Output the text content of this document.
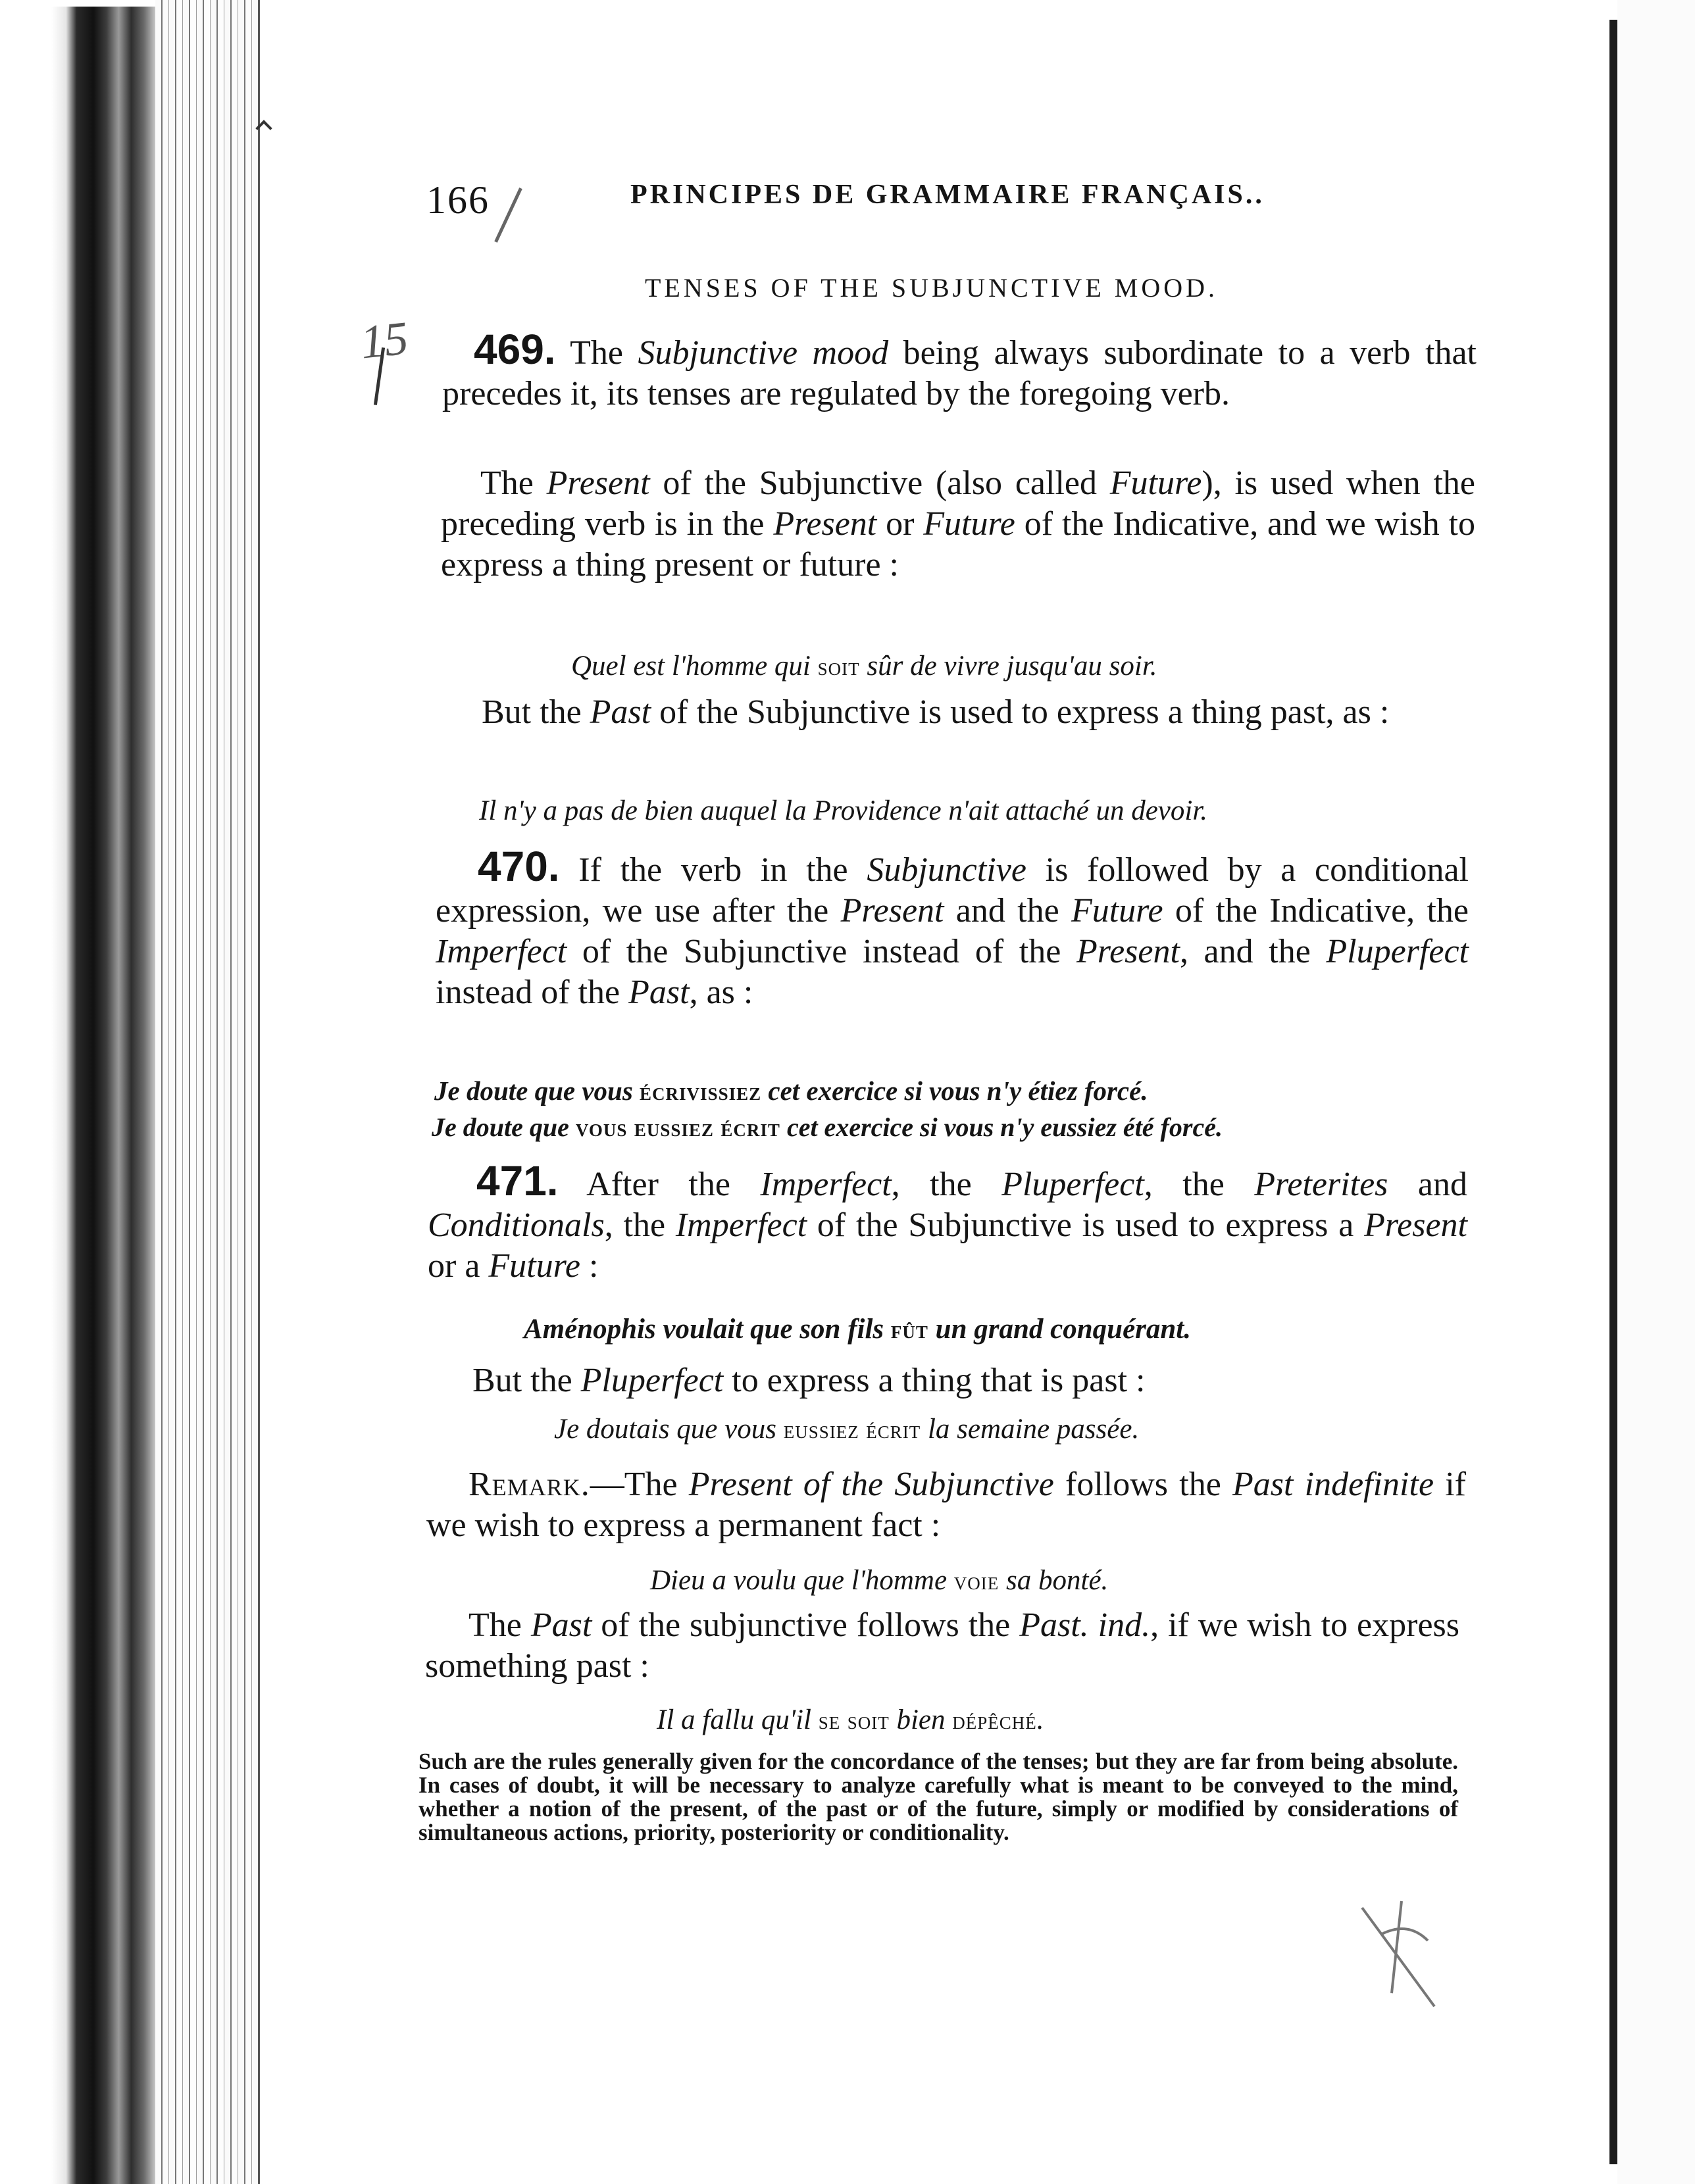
15
166	PRINCIPES DE GRAMMAIRE FRANÇAIS..
TENSES OF THE SUBJUNCTIVE MOOD.
469. The Subjunctive mood being always subordinate to a verb that precedes it, its tenses are regulated by the foregoing verb.
The Present of the Subjunctive (also called Future), is used when the preceding verb is in the Present or Future of the Indicative, and we wish to express a thing present or future :
Quel est l'homme qui soit sûr de vivre jusqu'au soir.
But the Past of the Subjunctive is used to express a thing past, as :
Il n'y a pas de bien auquel la Providence n'ait attaché un devoir.
470. If the verb in the Subjunctive is followed by a conditional expression, we use after the Present and the Future of the Indicative, the Imperfect of the Subjunctive instead of the Present, and the Pluperfect instead of the Past, as :
Je doute que vous écrivissiez cet exercice si vous n'y étiez forcé.
Je doute que vous eussiez écrit cet exercice si vous n'y eussiez été forcé.
471. After the Imperfect, the Pluperfect, the Preterites and Conditionals, the Imperfect of the Subjunctive is used to express a Present or a Future :
Aménophis voulait que son fils fût un grand conquérant.
But the Pluperfect to express a thing that is past :
Je doutais que vous eussiez écrit la semaine passée.
Remark.—The Present of the Subjunctive follows the Past indefinite if we wish to express a permanent fact :
Dieu a voulu que l'homme voie sa bonté.
The Past of the subjunctive follows the Past. ind., if we wish to express something past :
Il a fallu qu'il se soit bien dépêché.
Such are the rules generally given for the concordance of the tenses; but they are far from being absolute. In cases of doubt, it will be necessary to analyze carefully what is meant to be conveyed to the mind, whether a notion of the present, of the past or of the future, simply or modified by considerations of simultaneous actions, priority, posteriority or conditionality.
